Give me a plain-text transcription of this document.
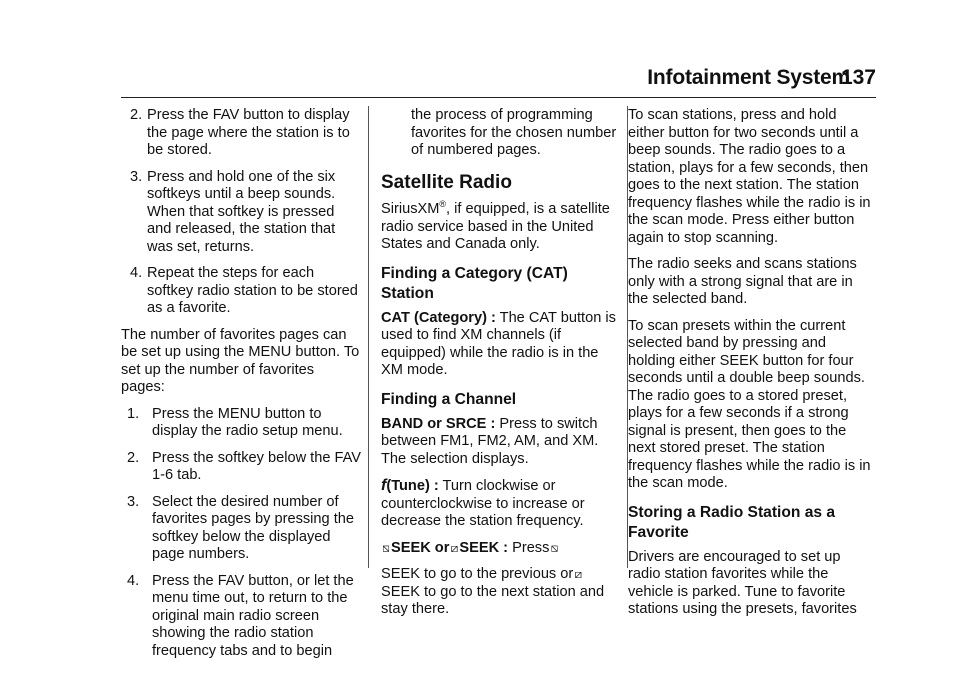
Infotainment System
137
2. Press the FAV button to display the page where the station is to be stored.
3. Press and hold one of the six softkeys until a beep sounds. When that softkey is pressed and released, the station that was set, returns.
4. Repeat the steps for each softkey radio station to be stored as a favorite.

The number of favorites pages can be set up using the MENU button. To set up the number of favorites pages:

1. Press the MENU button to display the radio setup menu.
2. Press the softkey below the FAV 1-6 tab.
3. Select the desired number of favorites pages by pressing the softkey below the displayed page numbers.
4. Press the FAV button, or let the menu time out, to return to the original main radio screen showing the radio station frequency tabs and to begin

the process of programming favorites for the chosen number of numbered pages.

Satellite Radio

SiriusXM®, if equipped, is a satellite radio service based in the United States and Canada only.

Finding a Category (CAT) Station

CAT (Category) : The CAT button is used to find XM channels (if equipped) while the radio is in the XM mode.

Finding a Channel

BAND or SRCE : Press to switch between FM1, FM2, AM, and XM. The selection displays.

f(Tune) : Turn clockwise or counterclockwise to increase or decrease the station frequency.

⧅SEEK or⧄SEEK : Press⧅

SEEK to go to the previous or⧄
SEEK to go to the next station and stay there.

To scan stations, press and hold either button for two seconds until a beep sounds. The radio goes to a station, plays for a few seconds, then goes to the next station. The station frequency flashes while the radio is in the scan mode. Press either button again to stop scanning.

The radio seeks and scans stations only with a strong signal that are in the selected band.

To scan presets within the current selected band by pressing and holding either SEEK button for four seconds until a double beep sounds. The radio goes to a stored preset, plays for a few seconds if a strong signal is present, then goes to the next stored preset. The station frequency flashes while the radio is in the scan mode.

Storing a Radio Station as a Favorite

Drivers are encouraged to set up radio station favorites while the vehicle is parked. Tune to favorite stations using the presets, favorites
